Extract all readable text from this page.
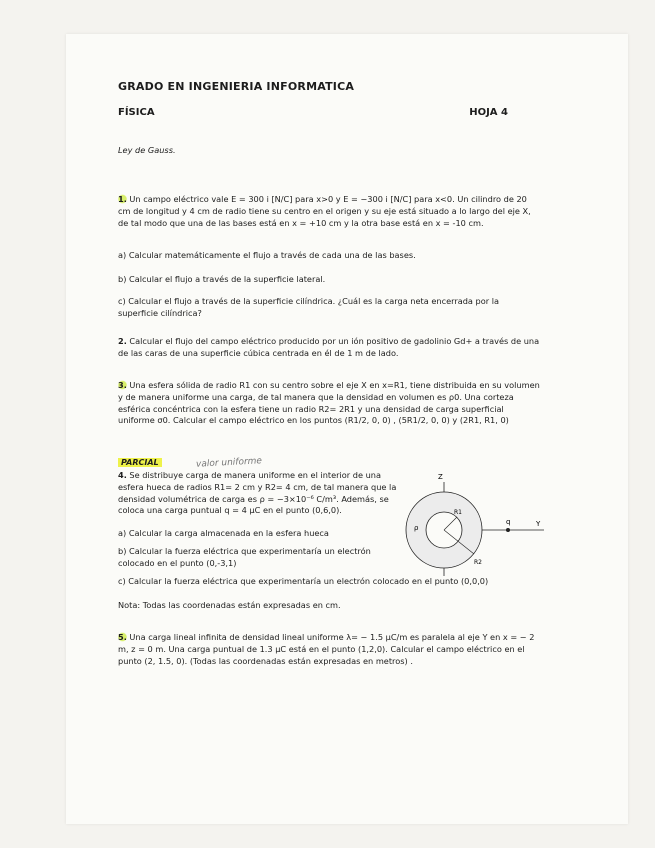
GRADO EN INGENIERIA INFORMATICA
FÍSICA	HOJA 4
Ley de Gauss.

1. Un campo eléctrico vale E = 300 i [N/C] para x>0 y E = −300 i [N/C] para x<0. Un cilindro de 20 cm de longitud y 4 cm de radio tiene su centro en el origen y su eje está situado a lo largo del eje X, de tal modo que una de las bases está en x = +10 cm y la otra base está en x = -10 cm.

a) Calcular matemáticamente el flujo a través de cada una de las bases.
b) Calcular el flujo a través de la superficie lateral.
c) Calcular el flujo a través de la superficie cilíndrica. ¿Cuál es la carga neta encerrada por la superficie cilíndrica?

2. Calcular el flujo del campo eléctrico producido por un ión positivo de gadolinio Gd+ a través de una de las caras de una superficie cúbica centrada en él de 1 m de lado.

3. Una esfera sólida de radio R1 con su centro sobre el eje X en x=R1, tiene distribuida en su volumen y de manera uniforme una carga, de tal manera que la densidad en volumen es ρ0. Una corteza esférica concéntrica con la esfera tiene un radio R2= 2R1 y una densidad de carga superficial uniforme σ0. Calcular el campo eléctrico en los puntos (R1/2, 0, 0) , (5R1/2, 0, 0) y (2R1, R1, 0)

PARCIAL	valor uniforme

4. Se distribuye carga de manera uniforme en el interior de una esfera hueca de radios R1= 2 cm y R2= 4 cm, de tal manera que la densidad volumétrica de carga es ρ = −3×10⁻⁶ C/m³. Además, se coloca una carga puntual q = 4 μC en el punto (0,6,0).

a) Calcular la carga almacenada en la esfera hueca
b) Calcular la fuerza eléctrica que experimentaría un electrón colocado en el punto (0,-3,1)
c) Calcular la fuerza eléctrica que experimentaría un electrón colocado en el punto (0,0,0)
Nota: Todas las coordenadas están expresadas en cm.
Z
Y
q
ρ
R1
R2

5. Una carga lineal infinita de densidad lineal uniforme λ= − 1.5 μC/m es paralela al eje Y en x = − 2 m, z = 0 m. Una carga puntual de 1.3 μC está en el punto (1,2,0). Calcular el campo eléctrico en el punto (2, 1.5, 0). (Todas las coordenadas están expresadas en metros) .
